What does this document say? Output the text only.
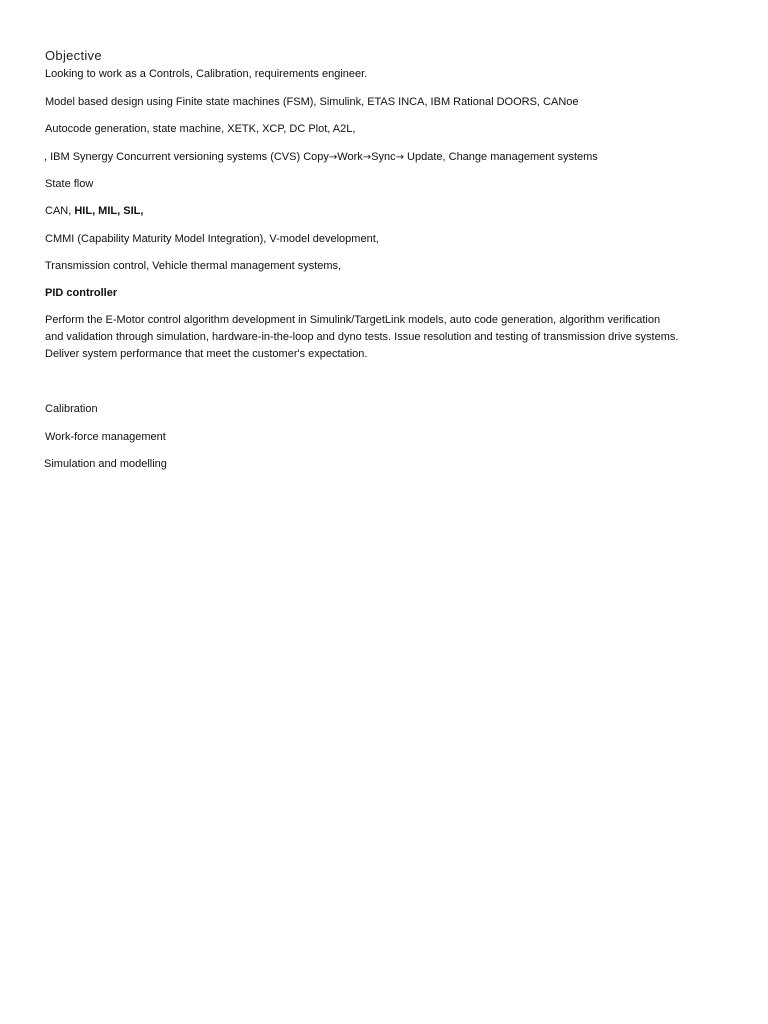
Objective
Looking to work as a Controls, Calibration, requirements engineer.
Model based design using Finite state machines (FSM), Simulink, ETAS INCA, IBM Rational DOORS, CANoe
Autocode generation, state machine, XETK, XCP, DC Plot, A2L,
, IBM Synergy Concurrent versioning systems (CVS) Copy→Work→Sync→ Update, Change management systems
State flow
CAN, HIL, MIL, SIL,
CMMI (Capability Maturity Model Integration), V-model development,
Transmission control, Vehicle thermal management systems,
PID controller
Perform the E-Motor control algorithm development in Simulink/TargetLink models, auto code generation, algorithm verification
and validation through simulation, hardware-in-the-loop and dyno tests. Issue resolution and testing of transmission drive systems.
Deliver system performance that meet the customer's expectation.
Calibration
Work-force management
Simulation and modelling
